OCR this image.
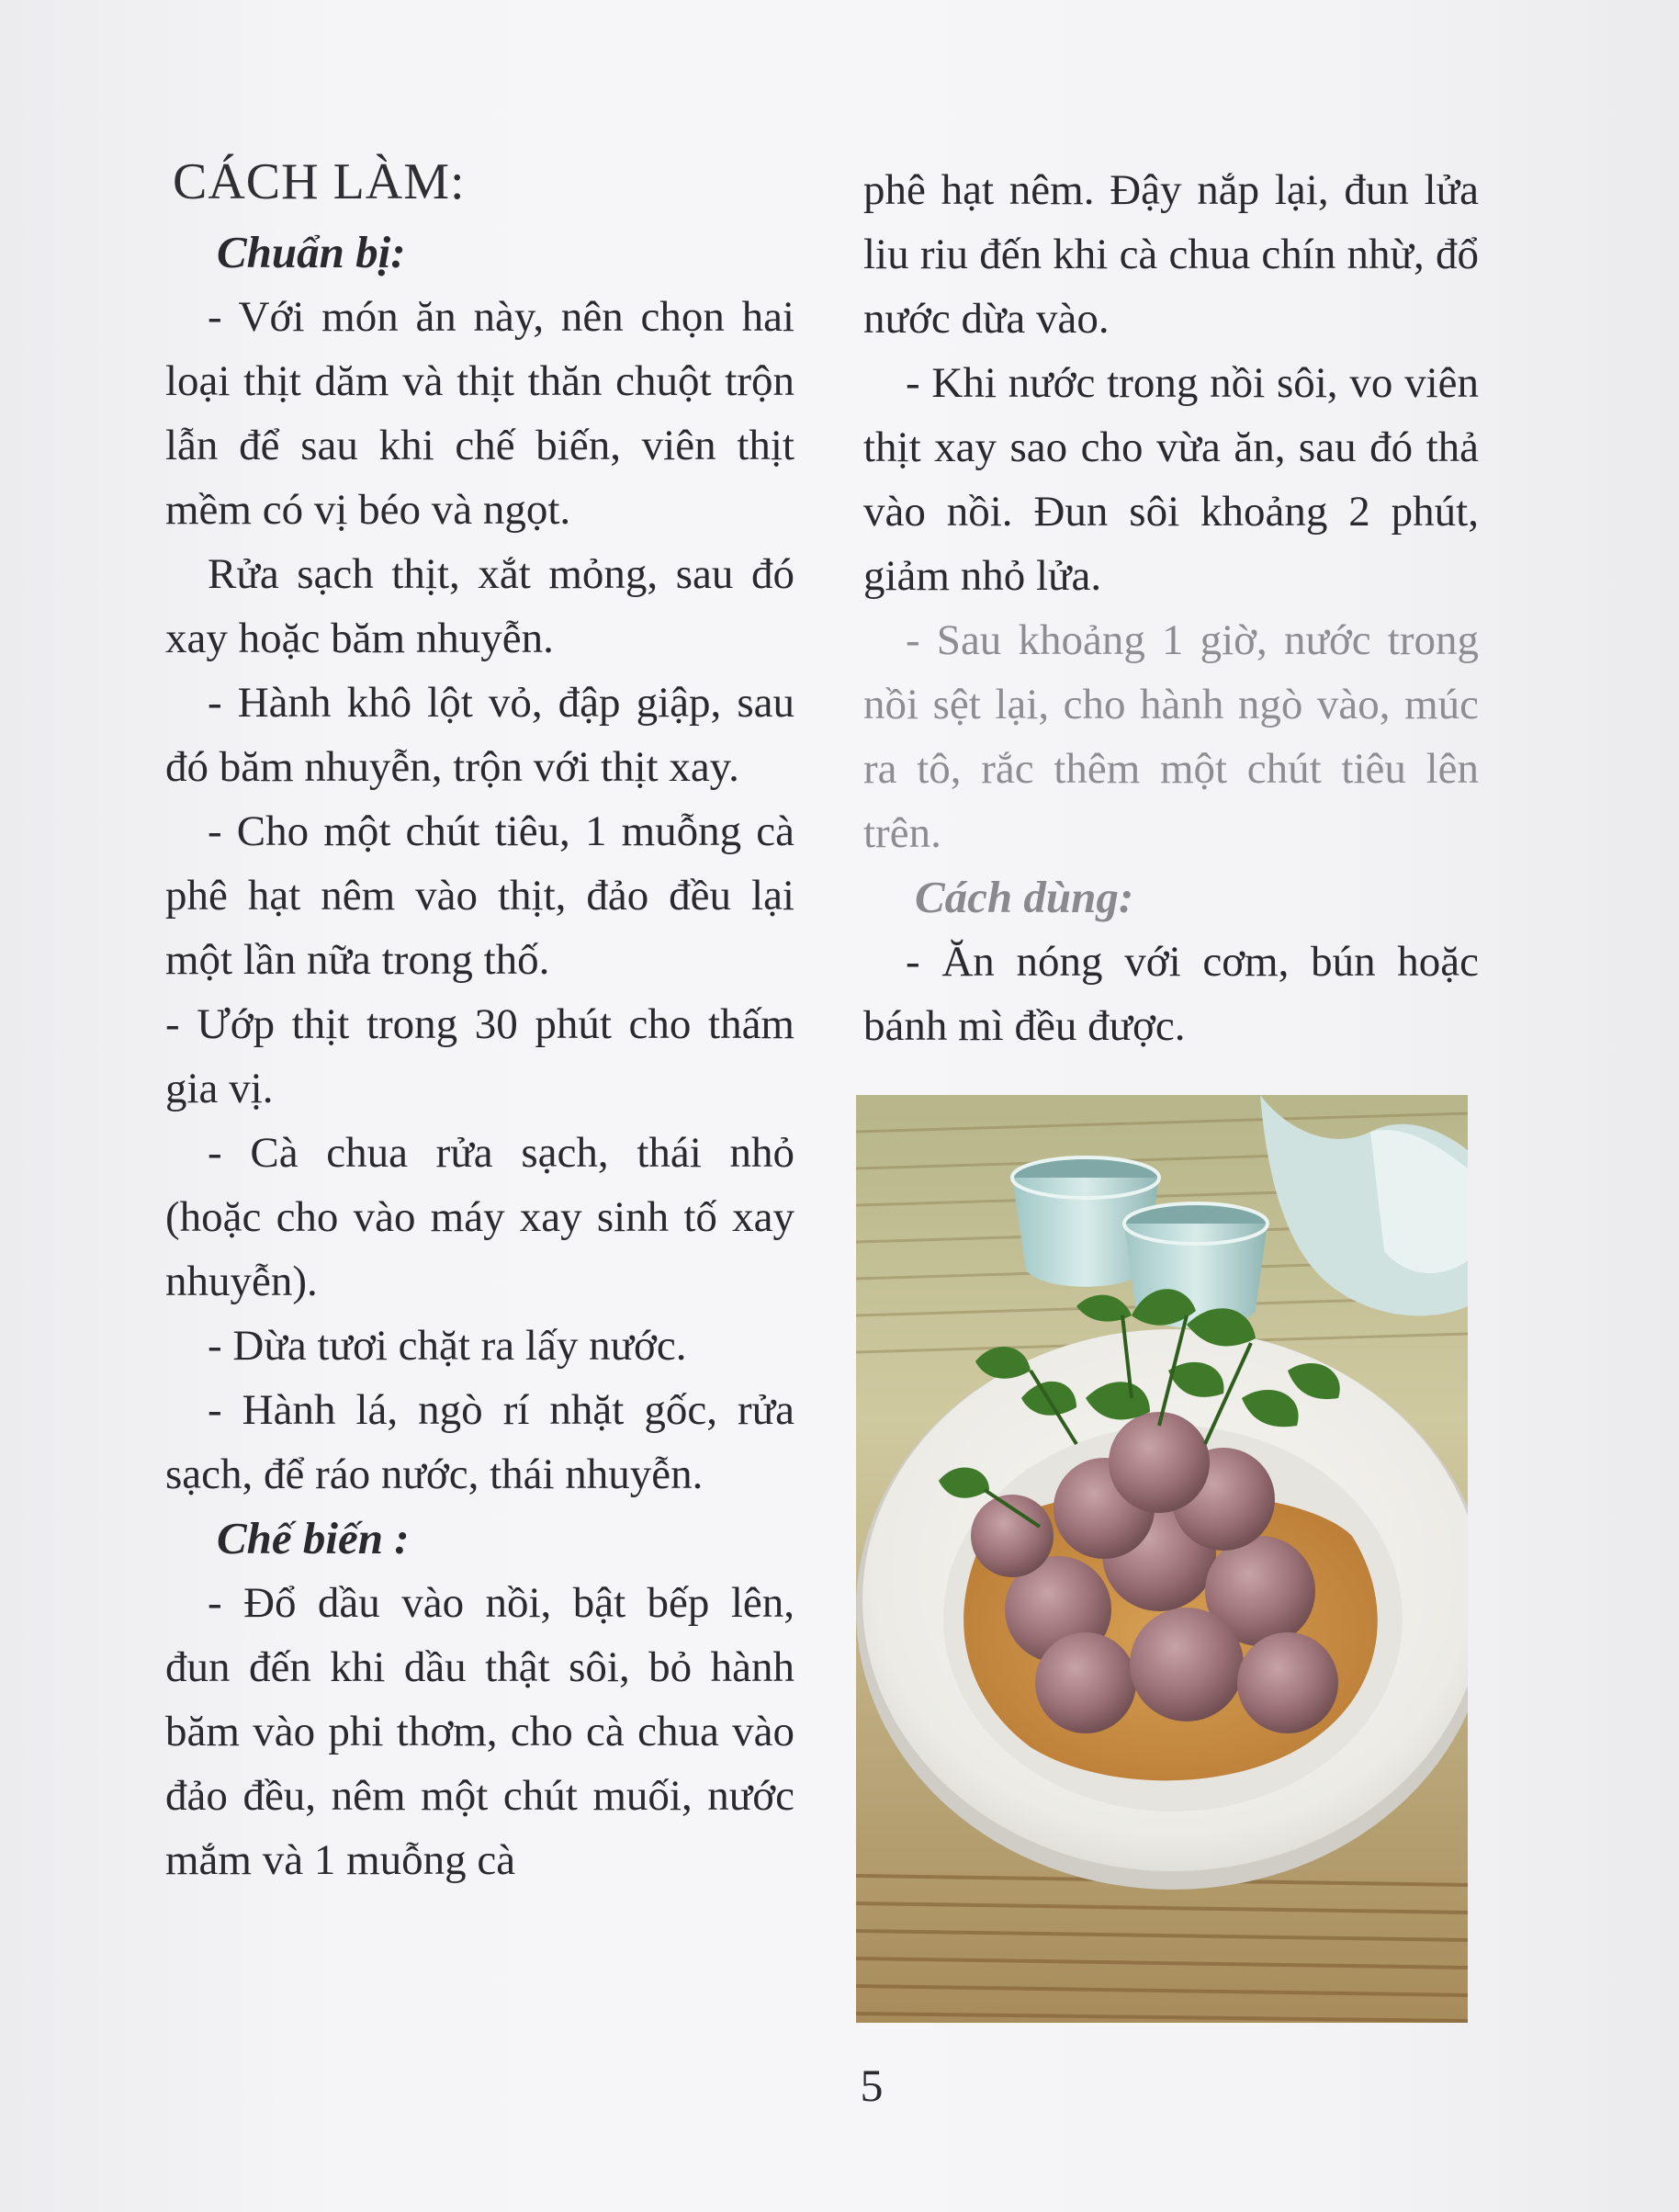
CÁCH LÀM:
Chuẩn bị:

- Với món ăn này, nên chọn hai loại thịt dăm và thịt thăn chuột trộn lẫn để sau khi chế biến, viên thịt mềm có vị béo và ngọt.

Rửa sạch thịt, xắt mỏng, sau đó xay hoặc băm nhuyễn.

- Hành khô lột vỏ, đập giập, sau đó băm nhuyễn, trộn với thịt xay.

- Cho một chút tiêu, 1 muỗng cà phê hạt nêm vào thịt, đảo đều lại một lần nữa trong thố.

- Ướp thịt trong 30 phút cho thấm gia vị.

- Cà chua rửa sạch, thái nhỏ (hoặc cho vào máy xay sinh tố xay nhuyễn).

- Dừa tươi chặt ra lấy nước.

- Hành lá, ngò rí nhặt gốc, rửa sạch, để ráo nước, thái nhuyễn.

Chế biến :

- Đổ dầu vào nồi, bật bếp lên, đun đến khi dầu thật sôi, bỏ hành băm vào phi thơm, cho cà chua vào đảo đều, nêm một chút muối, nước mắm và 1 muỗng cà

phê hạt nêm. Đậy nắp lại, đun lửa liu riu đến khi cà chua chín nhừ, đổ nước dừa vào.

- Khi nước trong nồi sôi, vo viên thịt xay sao cho vừa ăn, sau đó thả vào nồi. Đun sôi khoảng 2 phút, giảm nhỏ lửa.

- Sau khoảng 1 giờ, nước trong nồi sệt lại, cho hành ngò vào, múc ra tô, rắc thêm một chút tiêu lên trên.

Cách dùng:

- Ăn nóng với cơm, bún hoặc bánh mì đều được.

5
